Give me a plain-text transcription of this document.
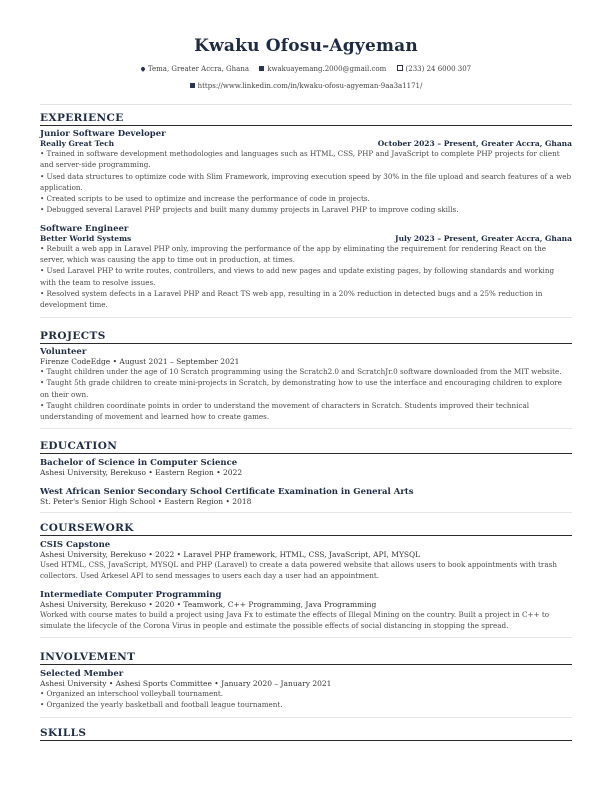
Kwaku Ofosu-Agyeman
Tema, Greater Accra, Ghana	kwakuayemang.2000@gmail.com	(233) 24 6000 307
https://www.linkedin.com/in/kwaku-ofosu-agyeman-9aa3a1171/
EXPERIENCE
Junior Software Developer
Really Great Tech	October 2023 – Present, Greater Accra, Ghana
• Trained in software development methodologies and languages such as HTML, CSS, PHP and JavaScript to complete PHP projects for client and server-side programming.
• Used data structures to optimize code with Slim Framework, improving execution speed by 30% in the file upload and search features of a web application.
• Created scripts to be used to optimize and increase the performance of code in projects.
• Debugged several Laravel PHP projects and built many dummy projects in Laravel PHP to improve coding skills.
Software Engineer
Better World Systems	July 2023 – Present, Greater Accra, Ghana
• Rebuilt a web app in Laravel PHP only, improving the performance of the app by eliminating the requirement for rendering React on the server, which was causing the app to time out in production, at times.
• Used Laravel PHP to write routes, controllers, and views to add new pages and update existing pages, by following standards and working with the team to resolve issues.
• Resolved system defects in a Laravel PHP and React TS web app, resulting in a 20% reduction in detected bugs and a 25% reduction in development time.
PROJECTS
Volunteer
Firenze CodeEdge • August 2021 – September 2021
• Taught children under the age of 10 Scratch programming using the Scratch2.0 and ScratchJr.0 software downloaded from the MIT website.
• Taught 5th grade children to create mini-projects in Scratch, by demonstrating how to use the interface and encouraging children to explore on their own.
• Taught children coordinate points in order to understand the movement of characters in Scratch. Students improved their technical understanding of movement and learned how to create games.
EDUCATION
Bachelor of Science in Computer Science
Ashesi University, Berekuso • Eastern Region • 2022
West African Senior Secondary School Certificate Examination in General Arts
St. Peter's Senior High School • Eastern Region • 2018
COURSEWORK
CSIS Capstone
Ashesi University, Berekuso • 2022 • Laravel PHP framework, HTML, CSS, JavaScript, API, MYSQL
Used HTML, CSS, JavaScript, MYSQL and PHP (Laravel) to create a data powered website that allows users to book appointments with trash collectors. Used Arkesel API to send messages to users each day a user had an appointment.
Intermediate Computer Programming
Ashesi University, Berekuso • 2020 • Teamwork, C++ Programming, Java Programming
Worked with course mates to build a project using Java Fx to estimate the effects of Illegal Mining on the country. Built a project in C++ to simulate the lifecycle of the Corona Virus in people and estimate the possible effects of social distancing in stopping the spread.
INVOLVEMENT
Selected Member
Ashesi University • Ashesi Sports Committee • January 2020 – January 2021
• Organized an interschool volleyball tournament.
• Organized the yearly basketball and football league tournament.
SKILLS
